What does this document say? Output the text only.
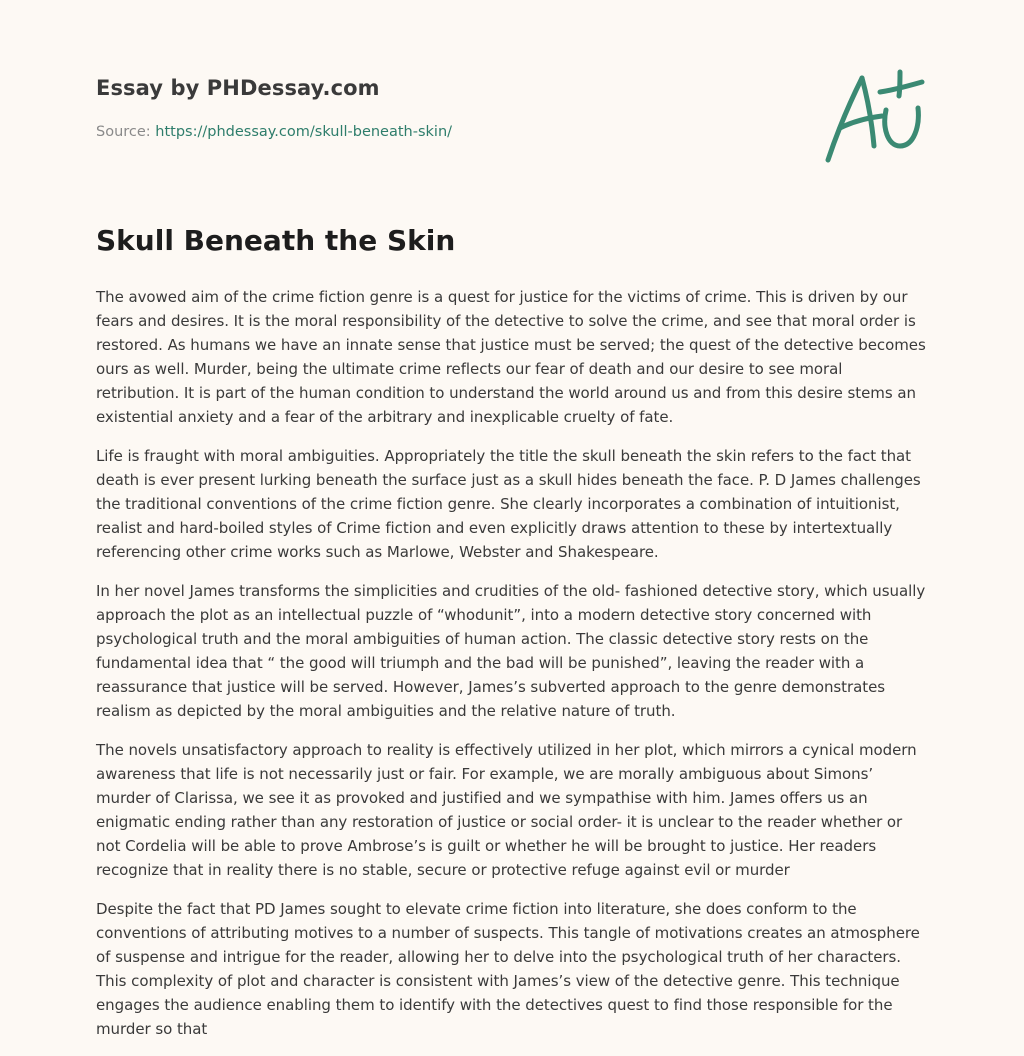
Essay by PHDessay.com
Source: https://phdessay.com/skull-beneath-skin/
Skull Beneath the Skin

The avowed aim of the crime fiction genre is a quest for justice for the victims of crime. This is driven by our fears and desires. It is the moral responsibility of the detective to solve the crime, and see that moral order is restored. As humans we have an innate sense that justice must be served; the quest of the detective becomes ours as well. Murder, being the ultimate crime reflects our fear of death and our desire to see moral retribution. It is part of the human condition to understand the world around us and from this desire stems an existential anxiety and a fear of the arbitrary and inexplicable cruelty of fate.

Life is fraught with moral ambiguities. Appropriately the title the skull beneath the skin refers to the fact that death is ever present lurking beneath the surface just as a skull hides beneath the face. P. D James challenges the traditional conventions of the crime fiction genre. She clearly incorporates a combination of intuitionist, realist and hard-boiled styles of Crime fiction and even explicitly draws attention to these by intertextually referencing other crime works such as Marlowe, Webster and Shakespeare.

In her novel James transforms the simplicities and crudities of the old- fashioned detective story, which usually approach the plot as an intellectual puzzle of “whodunit”, into a modern detective story concerned with psychological truth and the moral ambiguities of human action. The classic detective story rests on the fundamental idea that “ the good will triumph and the bad will be punished”, leaving the reader with a reassurance that justice will be served. However, James’s subverted approach to the genre demonstrates realism as depicted by the moral ambiguities and the relative nature of truth.

The novels unsatisfactory approach to reality is effectively utilized in her plot, which mirrors a cynical modern awareness that life is not necessarily just or fair. For example, we are morally ambiguous about Simons’ murder of Clarissa, we see it as provoked and justified and we sympathise with him. James offers us an enigmatic ending rather than any restoration of justice or social order- it is unclear to the reader whether or not Cordelia will be able to prove Ambrose’s is guilt or whether he will be brought to justice. Her readers recognize that in reality there is no stable, secure or protective refuge against evil or murder

Despite the fact that PD James sought to elevate crime fiction into literature, she does conform to the conventions of attributing motives to a number of suspects. This tangle of motivations creates an atmosphere of suspense and intrigue for the reader, allowing her to delve into the psychological truth of her characters. This complexity of plot and character is consistent with James’s view of the detective genre. This technique engages the audience enabling them to identify with the detectives quest to find those responsible for the murder so that
